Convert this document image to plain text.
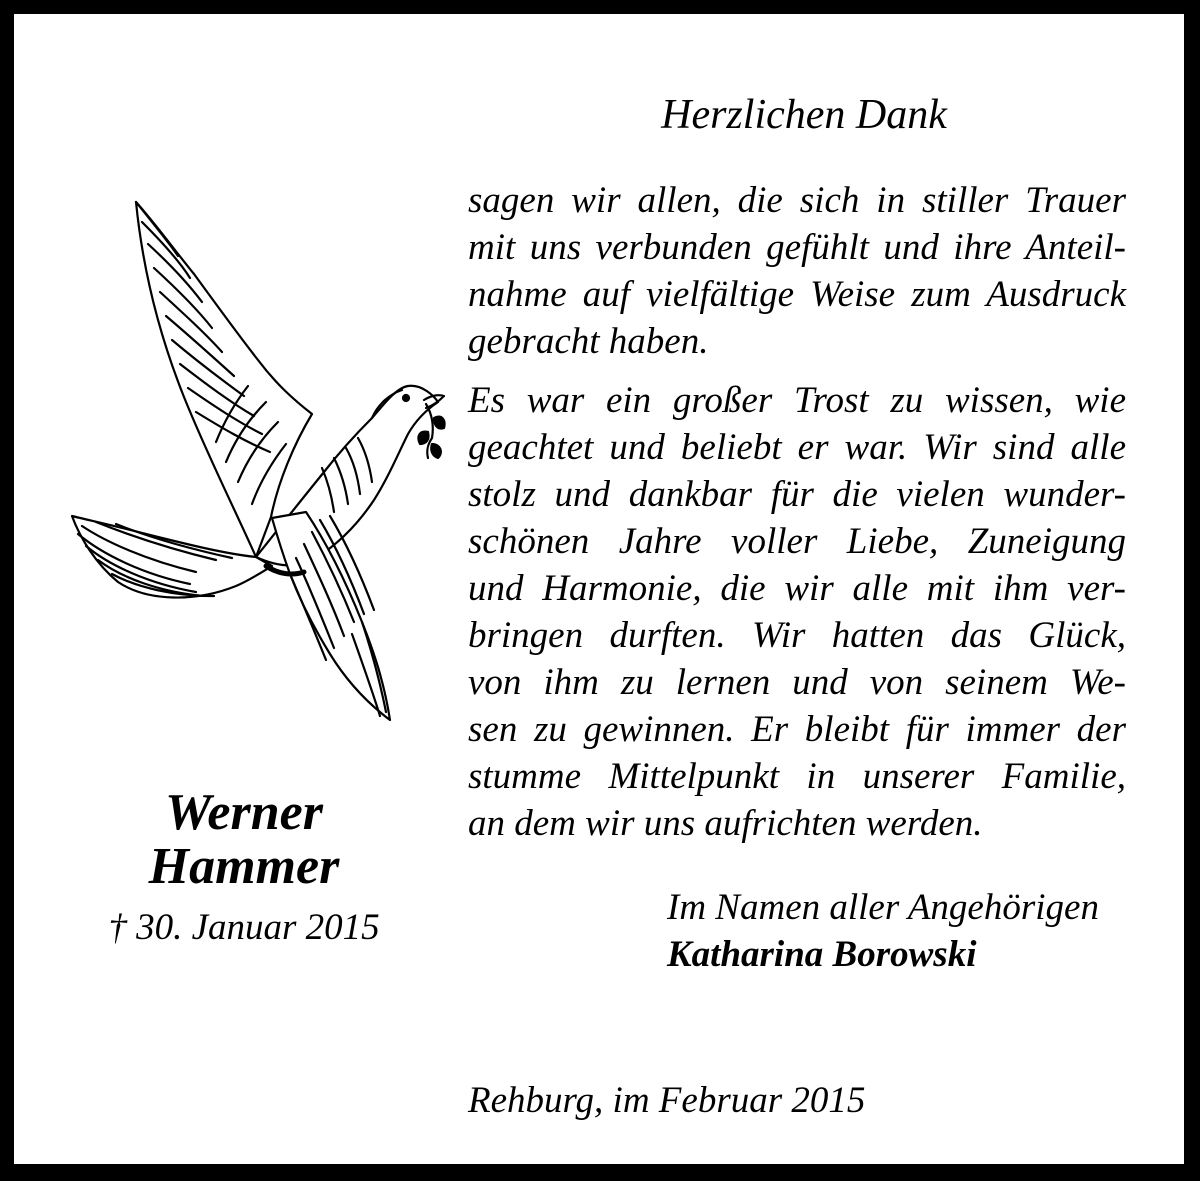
Herzlichen Dank
sagen wir allen, die sich in stiller Trauer
mit uns verbunden gefühlt und ihre Anteil-
nahme auf vielfältige Weise zum Ausdruck
gebracht haben.
Es war ein großer Trost zu wissen, wie
geachtet und beliebt er war. Wir sind alle
stolz und dankbar für die vielen wunder-
schönen Jahre voller Liebe, Zuneigung
und Harmonie, die wir alle mit ihm ver-
bringen durften. Wir hatten das Glück,
von ihm zu lernen und von seinem We-
sen zu gewinnen. Er bleibt für immer der
stumme Mittelpunkt in unserer Familie,
an dem wir uns aufrichten werden.
Im Namen aller Angehörigen
Katharina Borowski
Rehburg, im Februar 2015
Werner
Hammer
† 30. Januar 2015
